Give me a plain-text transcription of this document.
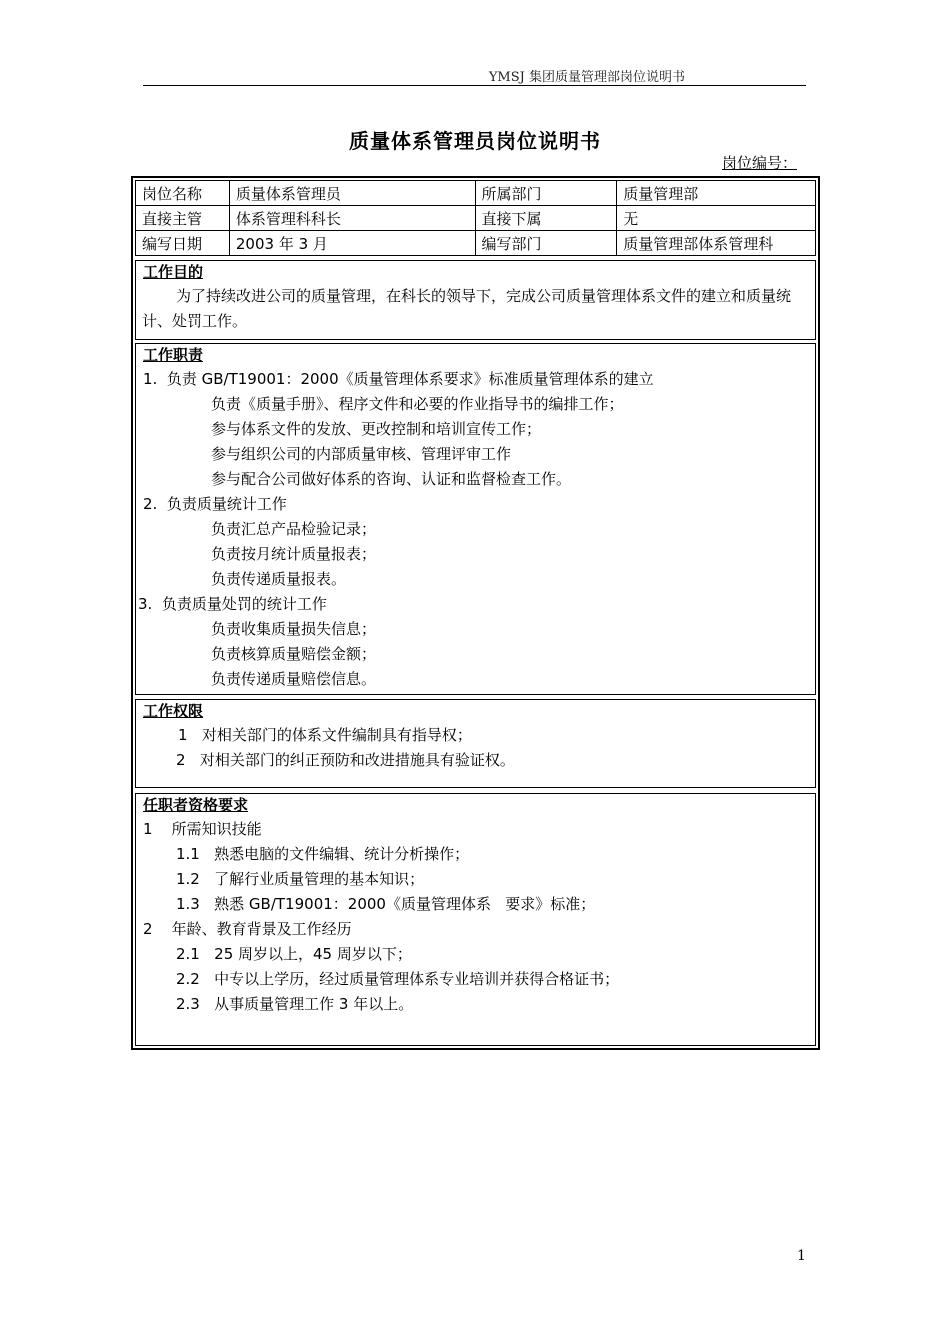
YMSJ 集团质量管理部岗位说明书
质量体系管理员岗位说明书
岗位编号：
岗位名称	质量体系管理员	所属部门	质量管理部
直接主管	体系管理科科长	直接下属	无
编写日期	2003 年 3 月	编写部门	质量管理部体系管理科
工作目的
为了持续改进公司的质量管理，在科长的领导下，完成公司质量管理体系文件的建立和质量统计、处罚工作。
工作职责
1.  负责 GB/T19001：2000《质量管理体系要求》标准质量管理体系的建立
负责《质量手册》、程序文件和必要的作业指导书的编排工作；
参与体系文件的发放、更改控制和培训宣传工作；
参与组织公司的内部质量审核、管理评审工作
参与配合公司做好体系的咨询、认证和监督检查工作。
2.  负责质量统计工作
负责汇总产品检验记录；
负责按月统计质量报表；
负责传递质量报表。
3.  负责质量处罚的统计工作
负责收集质量损失信息；
负责核算质量赔偿金额；
负责传递质量赔偿信息。
工作权限
1   对相关部门的体系文件编制具有指导权；
2   对相关部门的纠正预防和改进措施具有验证权。
任职者资格要求
1    所需知识技能
1.1   熟悉电脑的文件编辑、统计分析操作；
1.2   了解行业质量管理的基本知识；
1.3   熟悉 GB/T19001：2000《质量管理体系   要求》标准；
2    年龄、教育背景及工作经历
2.1   25 周岁以上，45 周岁以下；
2.2   中专以上学历，经过质量管理体系专业培训并获得合格证书；
2.3   从事质量管理工作 3 年以上。
1
